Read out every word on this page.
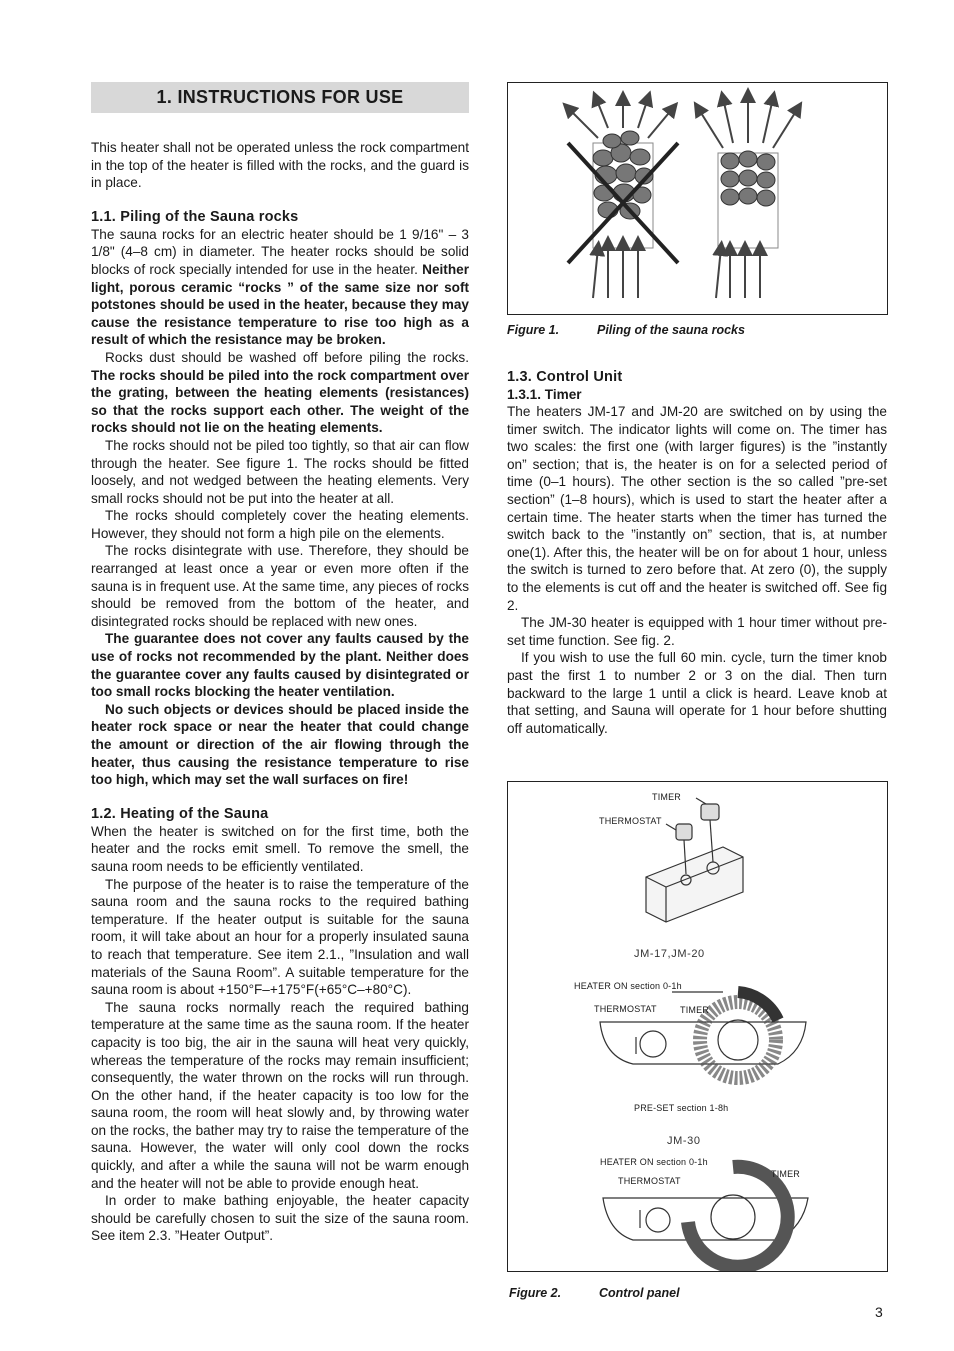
1. INSTRUCTIONS FOR USE

This heater shall not be operated unless the rock compartment in the top of the heater is filled with the rocks, and the guard is in place.

1.1. Piling of the Sauna rocks

The sauna rocks for an electric heater should be 1 9/16" – 3 1/8" (4–8 cm) in diameter. The heater rocks should be solid blocks of rock specially intended for use in the heater. Neither light, porous ceramic “rocks ” of the same size nor soft potstones should be used in the heater, because they may cause the resistance temperature to rise too high as a result of which the resistance may be broken.

Rocks dust should be washed off before piling the rocks. The rocks should be piled into the rock compartment over the grating, between the heating elements (resistances) so that the rocks support each other. The weight of the rocks should not lie on the heating elements.

The rocks should not be piled too tightly, so that air can flow through the heater. See figure 1. The rocks should be fitted loosely, and not wedged between the heating elements. Very small rocks should not be put into the heater at all.

The rocks should completely cover the heating elements. However, they should not form a high pile on the elements.

The rocks disintegrate with use. Therefore, they should be rearranged at least once a year or even more often if the sauna is in frequent use. At the same time, any pieces of rocks should be removed from the bottom of the heater, and disintegrated rocks should be replaced with new ones.

The guarantee does not cover any faults caused by the use of rocks not recommended by the plant. Neither does the guarantee cover any faults caused by disintegrated or too small rocks blocking the heater ventilation.

No such objects or devices should be placed inside the heater rock space or near the heater that could change the amount or direction of the air flowing through the heater, thus causing the resistance temperature to rise too high, which may set the wall surfaces on fire!

1.2. Heating of the Sauna

When the heater is switched on for the first time, both the heater and the rocks emit smell. To remove the smell, the sauna room needs to be efficiently ventilated.

The purpose of the heater is to raise the temperature of the sauna room and the sauna rocks to the required bathing temperature. If the heater output is suitable for the sauna room, it will take about an hour for a properly insulated sauna to reach that temperature. See item 2.1., ”Insulation and wall materials of the Sauna Room”. A suitable temperature for the sauna room is about +150°F–+175°F(+65°C–+80°C).

The sauna rocks normally reach the required bathing temperature at the same time as the sauna room. If the heater capacity is too big, the air in the sauna will heat very quickly, whereas the temperature of the rocks may remain insufficient; consequently, the water thrown on the rocks will run through. On the other hand, if the heater capacity is too low for the sauna room, the room will heat slowly and, by throwing water on the rocks, the bather may try to raise the temperature of the sauna. However, the water will only cool down the rocks quickly, and after a while the sauna will not be warm enough and the heater will not be able to provide enough heat.

In order to make bathing enjoyable, the heater capacity should be carefully chosen to suit the size of the sauna room. See item 2.3. ”Heater Output”.

Figure 1.	Piling of the sauna rocks
1.3. Control Unit
1.3.1. Timer

The heaters JM-17 and JM-20 are switched on by using the timer switch. The indicator lights will come on. The timer has two scales: the first one (with larger figures) is the ”instantly on” section; that is, the heater is on for a selected period of time (0–1 hours). The other section is the so called ”pre-set section” (1–8 hours), which is used to start the heater after a certain time. The heater starts when the timer has turned the switch back to the ”instantly on” section, that is, at number one(1). After this, the heater will be on for about 1 hour, unless the switch is turned to zero before that. At zero (0), the supply to the elements is cut off and the heater is switched off. See fig 2.

The JM-30 heater is equipped with 1 hour timer without pre-set time function. See fig. 2.

If you wish to use the full 60 min. cycle, turn the timer knob past the first 1 to number 2 or 3 on the dial. Then turn backward to the large 1 until a click is heard. Leave knob at that setting, and Sauna will operate for 1 hour before shutting off automatically.

TIMER
THERMOSTAT
JM-17,JM-20
HEATER ON section 0-1h
THERMOSTAT	TIMER
PRE-SET section 1-8h
JM-30
HEATER ON section 0-1h
TIMER
THERMOSTAT
Figure 2.	Control panel
3
